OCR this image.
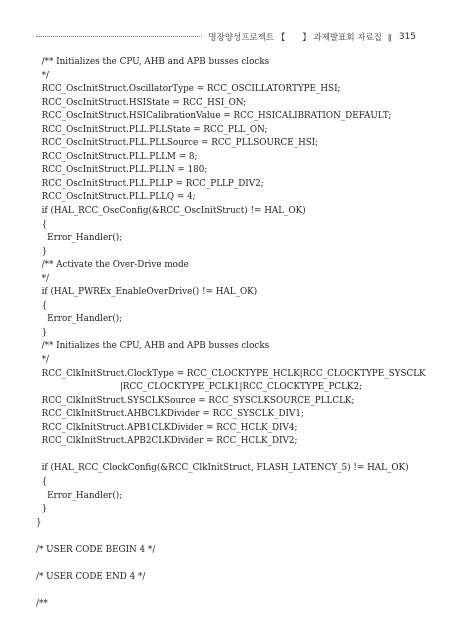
명장양성프로젝트 【　　】 과제발표회 자료집 ǁ 315
/** Initializes the CPU, AHB and APB busses clocks
*/
RCC_OscInitStruct.OscillatorType = RCC_OSCILLATORTYPE_HSI;
RCC_OscInitStruct.HSIState = RCC_HSI_ON;
RCC_OscInitStruct.HSICalibrationValue = RCC_HSICALIBRATION_DEFAULT;
RCC_OscInitStruct.PLL.PLLState = RCC_PLL_ON;
RCC_OscInitStruct.PLL.PLLSource = RCC_PLLSOURCE_HSI;
RCC_OscInitStruct.PLL.PLLM = 8;
RCC_OscInitStruct.PLL.PLLN = 180;
RCC_OscInitStruct.PLL.PLLP = RCC_PLLP_DIV2;
RCC_OscInitStruct.PLL.PLLQ = 4;
if (HAL_RCC_OscConfig(&RCC_OscInitStruct) != HAL_OK)
{
Error_Handler();
}
/** Activate the Over-Drive mode
*/
if (HAL_PWREx_EnableOverDrive() != HAL_OK)
{
Error_Handler();
}
/** Initializes the CPU, AHB and APB busses clocks
*/
RCC_ClkInitStruct.ClockType = RCC_CLOCKTYPE_HCLK|RCC_CLOCKTYPE_SYSCLK
|RCC_CLOCKTYPE_PCLK1|RCC_CLOCKTYPE_PCLK2;
RCC_ClkInitStruct.SYSCLKSource = RCC_SYSCLKSOURCE_PLLCLK;
RCC_ClkInitStruct.AHBCLKDivider = RCC_SYSCLK_DIV1;
RCC_ClkInitStruct.APB1CLKDivider = RCC_HCLK_DIV4;
RCC_ClkInitStruct.APB2CLKDivider = RCC_HCLK_DIV2;
if (HAL_RCC_ClockConfig(&RCC_ClkInitStruct, FLASH_LATENCY_5) != HAL_OK)
{
Error_Handler();
}
}
/* USER CODE BEGIN 4 */
/* USER CODE END 4 */
/**
